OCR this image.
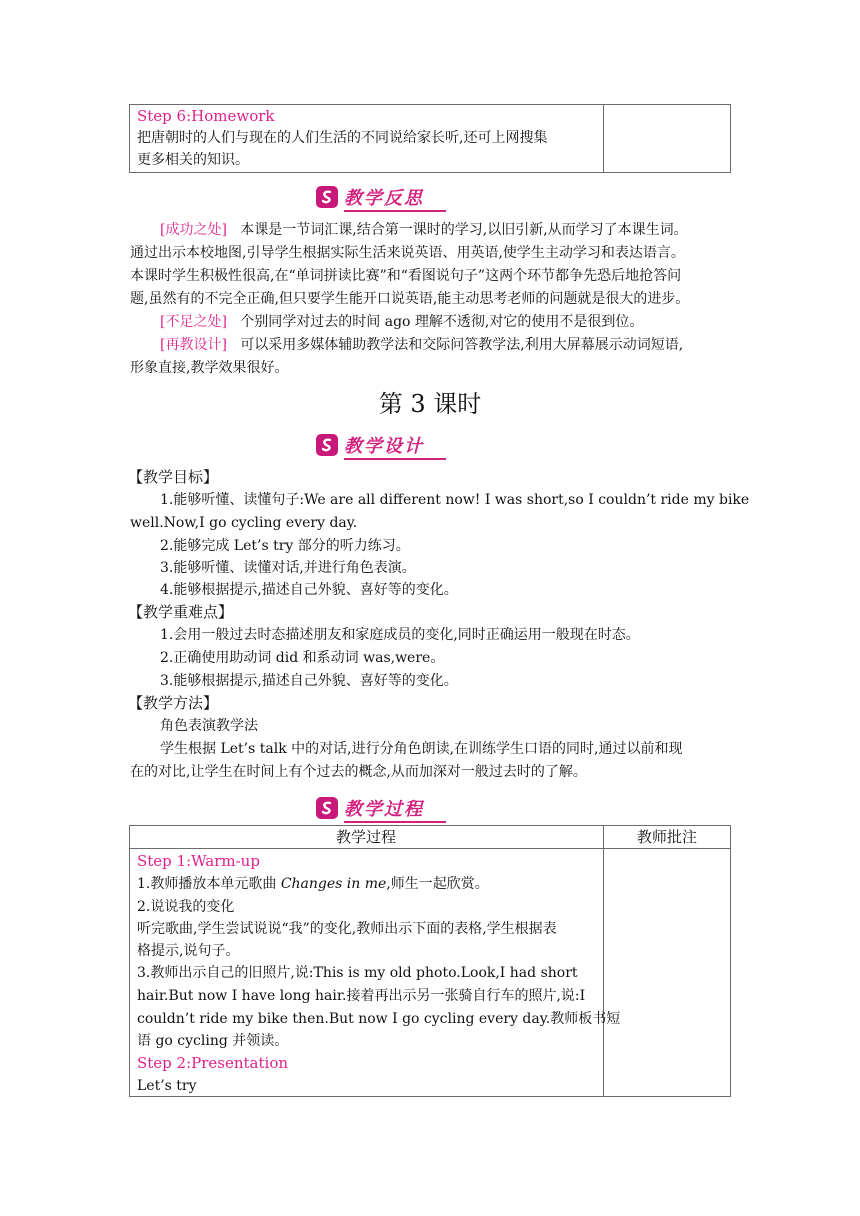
Step 6:Homework
把唐朝时的人们与现在的人们生活的不同说给家长听,还可上网搜集
更多相关的知识。
教学反思
[成功之处] 本课是一节词汇课,结合第一课时的学习,以旧引新,从而学习了本课生词。
通过出示本校地图,引导学生根据实际生活来说英语、用英语,使学生主动学习和表达语言。
本课时学生积极性很高,在“单词拼读比赛”和“看图说句子”这两个环节都争先恐后地抢答问
题,虽然有的不完全正确,但只要学生能开口说英语,能主动思考老师的问题就是很大的进步。
[不足之处] 个别同学对过去的时间 ago 理解不透彻,对它的使用不是很到位。
[再教设计] 可以采用多媒体辅助教学法和交际问答教学法,利用大屏幕展示动词短语,
形象直接,教学效果很好。
第 3 课时
教学设计
【教学目标】
1.能够听懂、读懂句子:We are all different now! I was short,so I couldn’t ride my bike
well.Now,I go cycling every day.
2.能够完成 Let’s try 部分的听力练习。
3.能够听懂、读懂对话,并进行角色表演。
4.能够根据提示,描述自己外貌、喜好等的变化。
【教学重难点】
1.会用一般过去时态描述朋友和家庭成员的变化,同时正确运用一般现在时态。
2.正确使用助动词 did 和系动词 was,were。
3.能够根据提示,描述自己外貌、喜好等的变化。
【教学方法】
角色表演教学法
学生根据 Let’s talk 中的对话,进行分角色朗读,在训练学生口语的同时,通过以前和现
在的对比,让学生在时间上有个过去的概念,从而加深对一般过去时的了解。
教学过程
教学过程	教师批注
Step 1:Warm-up
1.教师播放本单元歌曲 Changes in me,师生一起欣赏。
2.说说我的变化
听完歌曲,学生尝试说说“我”的变化,教师出示下面的表格,学生根据表
格提示,说句子。
3.教师出示自己的旧照片,说:This is my old photo.Look,I had short
hair.But now I have long hair.接着再出示另一张骑自行车的照片,说:I
couldn’t ride my bike then.But now I go cycling every day.教师板书短
语 go cycling 并领读。
Step 2:Presentation
Let’s try
